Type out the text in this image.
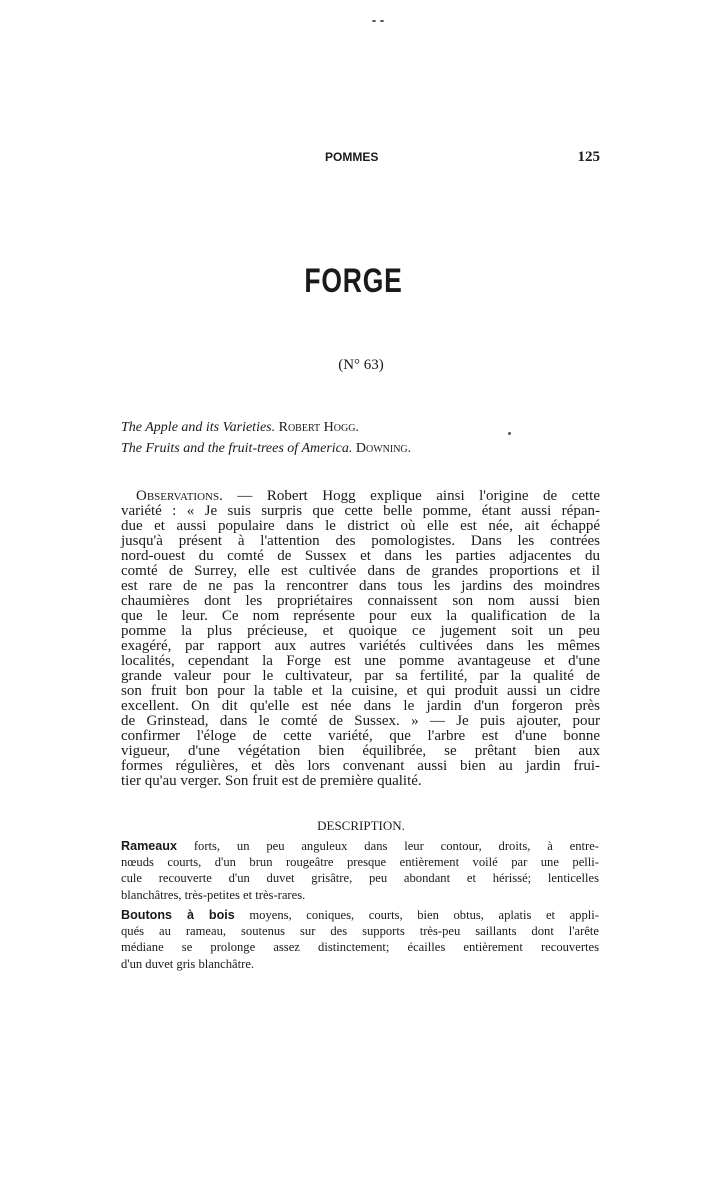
POMMES	125
FORGE
(N° 63)
The Apple and its Varieties. Robert Hogg.
The Fruits and the fruit-trees of America. Downing.
Observations. — Robert Hogg explique ainsi l'origine de cette
variété : « Je suis surpris que cette belle pomme, étant aussi répan-
due et aussi populaire dans le district où elle est née, ait échappé
jusqu'à présent à l'attention des pomologistes. Dans les contrées
nord-ouest du comté de Sussex et dans les parties adjacentes du
comté de Surrey, elle est cultivée dans de grandes proportions et il
est rare de ne pas la rencontrer dans tous les jardins des moindres
chaumières dont les propriétaires connaissent son nom aussi bien
que le leur. Ce nom représente pour eux la qualification de la
pomme la plus précieuse, et quoique ce jugement soit un peu
exagéré, par rapport aux autres variétés cultivées dans les mêmes
localités, cependant la Forge est une pomme avantageuse et d'une
grande valeur pour le cultivateur, par sa fertilité, par la qualité de
son fruit bon pour la table et la cuisine, et qui produit aussi un cidre
excellent. On dit qu'elle est née dans le jardin d'un forgeron près
de Grinstead, dans le comté de Sussex. » — Je puis ajouter, pour
confirmer l'éloge de cette variété, que l'arbre est d'une bonne
vigueur, d'une végétation bien équilibrée, se prêtant bien aux
formes régulières, et dès lors convenant aussi bien au jardin frui-
tier qu'au verger. Son fruit est de première qualité.
DESCRIPTION.
Rameaux forts, un peu anguleux dans leur contour, droits, à entre-
nœuds courts, d'un brun rougeâtre presque entièrement voilé par une pelli-
cule recouverte d'un duvet grisâtre, peu abondant et hérissé; lenticelles
blanchâtres, très-petites et très-rares.
Boutons à bois moyens, coniques, courts, bien obtus, aplatis et appli-
qués au rameau, soutenus sur des supports très-peu saillants dont l'arête
médiane se prolonge assez distinctement; écailles entièrement recouvertes
d'un duvet gris blanchâtre.
